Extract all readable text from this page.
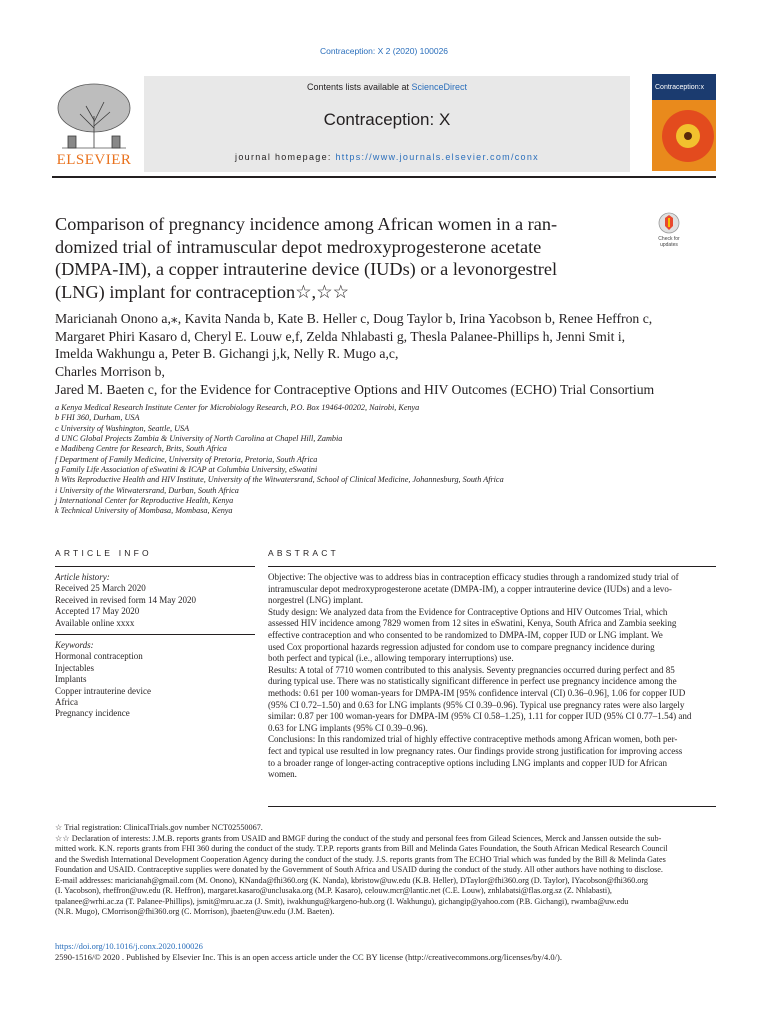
Contraception: X 2 (2020) 100026
ELSEVIER
Contents lists available at ScienceDirect
Contraception: X
journal homepage: https://www.journals.elsevier.com/conx
Contraception:x
Comparison of pregnancy incidence among African women in a ran-
domized trial of intramuscular depot medroxyprogesterone acetate
(DMPA-IM), a copper intrauterine device (IUDs) or a levonorgestrel
(LNG) implant for contraception☆,☆☆
Check for updates
Maricianah Onono a,⁎, Kavita Nanda b, Kate B. Heller c, Doug Taylor b, Irina Yacobson b, Renee Heffron c,
Margaret Phiri Kasaro d, Cheryl E. Louw e,f, Zelda Nhlabasti g, Thesla Palanee-Phillips h, Jenni Smit i,
Imelda Wakhungu a, Peter B. Gichangi j,k, Nelly R. Mugo a,c,
Charles Morrison b,
Jared M. Baeten c, for the Evidence for Contraceptive Options and HIV Outcomes (ECHO) Trial Consortium
a Kenya Medical Research Institute Center for Microbiology Research, P.O. Box 19464-00202, Nairobi, Kenya
b FHI 360, Durham, USA
c University of Washington, Seattle, USA
d UNC Global Projects Zambia & University of North Carolina at Chapel Hill, Zambia
e Madibeng Centre for Research, Brits, South Africa
f Department of Family Medicine, University of Pretoria, Pretoria, South Africa
g Family Life Association of eSwatini & ICAP at Columbia University, eSwatini
h Wits Reproductive Health and HIV Institute, University of the Witwatersrand, School of Clinical Medicine, Johannesburg, South Africa
i University of the Witwatersrand, Durban, South Africa
j International Center for Reproductive Health, Kenya
k Technical University of Mombasa, Mombasa, Kenya
ARTICLE INFO	ABSTRACT
Article history:
Received 25 March 2020
Received in revised form 14 May 2020
Accepted 17 May 2020
Available online xxxx
Keywords:
Hormonal contraception
Injectables
Implants
Copper intrauterine device
Africa
Pregnancy incidence
Objective: The objective was to address bias in contraception efficacy studies through a randomized study trial of
intramuscular depot medroxyprogesterone acetate (DMPA-IM), a copper intrauterine device (IUDs) and a levo-
norgestrel (LNG) implant.
Study design: We analyzed data from the Evidence for Contraceptive Options and HIV Outcomes Trial, which
assessed HIV incidence among 7829 women from 12 sites in eSwatini, Kenya, South Africa and Zambia seeking
effective contraception and who consented to be randomized to DMPA-IM, copper IUD or LNG implant. We
used Cox proportional hazards regression adjusted for condom use to compare pregnancy incidence during
both perfect and typical (i.e., allowing temporary interruptions) use.
Results: A total of 7710 women contributed to this analysis. Seventy pregnancies occurred during perfect and 85
during typical use. There was no statistically significant difference in perfect use pregnancy incidence among the
methods: 0.61 per 100 woman-years for DMPA-IM [95% confidence interval (CI) 0.36–0.96], 1.06 for copper IUD
(95% CI 0.72–1.50) and 0.63 for LNG implants (95% CI 0.39–0.96). Typical use pregnancy rates were also largely
similar: 0.87 per 100 woman-years for DMPA-IM (95% CI 0.58–1.25), 1.11 for copper IUD (95% CI 0.77–1.54) and
0.63 for LNG implants (95% CI 0.39–0.96).
Conclusions: In this randomized trial of highly effective contraceptive methods among African women, both per-
fect and typical use resulted in low pregnancy rates. Our findings provide strong justification for improving access
to a broader range of longer-acting contraceptive options including LNG implants and copper IUD for African
women.
☆ Trial registration: ClinicalTrials.gov number NCT02550067.
☆☆ Declaration of interests: J.M.B. reports grants from USAID and BMGF during the conduct of the study and personal fees from Gilead Sciences, Merck and Janssen outside the sub-
mitted work. K.N. reports grants from FHI 360 during the conduct of the study. T.P.P. reports grants from Bill and Melinda Gates Foundation, the South African Medical Research Council
and the Swedish International Development Cooperation Agency during the conduct of the study. J.S. reports grants from The ECHO Trial which was funded by the Bill & Melinda Gates
Foundation and USAID. Contraceptive supplies were donated by the Government of South Africa and USAID during the conduct of the study. All other authors have nothing to disclose.
E-mail addresses: maricianah@gmail.com (M. Onono), KNanda@fhi360.org (K. Nanda), kbristow@uw.edu (K.B. Heller), DTaylor@fhi360.org (D. Taylor), IYacobson@fhi360.org
(I. Yacobson), rheffron@uw.edu (R. Heffron), margaret.kasaro@unclusaka.org (M.P. Kasaro), celouw.mcr@lantic.net (C.E. Louw), znhlabatsi@flas.org.sz (Z. Nhlabasti),
tpalanee@wrhi.ac.za (T. Palanee-Phillips), jsmit@mru.ac.za (J. Smit), iwakhungu@kargeno-hub.org (I. Wakhungu), gichangip@yahoo.com (P.B. Gichangi), rwamba@uw.edu
(N.R. Mugo), CMorrison@fhi360.org (C. Morrison), jbaeten@uw.edu (J.M. Baeten).
https://doi.org/10.1016/j.conx.2020.100026
2590-1516/© 2020 . Published by Elsevier Inc. This is an open access article under the CC BY license (http://creativecommons.org/licenses/by/4.0/).
